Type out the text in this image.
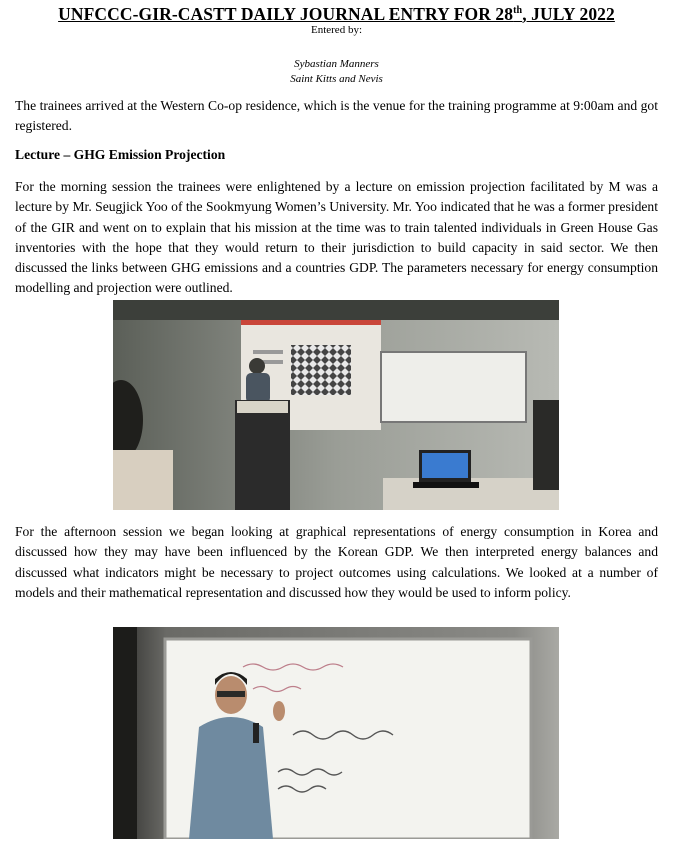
UNFCCC-GIR-CASTT DAILY JOURNAL ENTRY FOR 28th, JULY 2022
Entered by:
Sybastian Manners
Saint Kitts and Nevis

The trainees arrived at the Western Co-op residence, which is the venue for the training programme at 9:00am and got registered.

Lecture – GHG Emission Projection

For the morning session the trainees were enlightened by a lecture on emission projection facilitated by M was a lecture by Mr. Seugjick Yoo of the Sookmyung Women’s University. Mr. Yoo indicated that he was a former president of the GIR and went on to explain that his mission at the time was to train talented individuals in Green House Gas inventories with the hope that they would return to their jurisdiction to build capacity in said sector. We then discussed the links between GHG emissions and a countries GDP. The parameters necessary for energy consumption modelling and projection were outlined.

For the afternoon session we began looking at graphical representations of energy consumption in Korea and discussed how they may have been influenced by the Korean GDP. We then interpreted energy balances and discussed what indicators might be necessary to project outcomes using calculations. We looked at a number of models and their mathematical representation and discussed how they would be used to inform policy.
